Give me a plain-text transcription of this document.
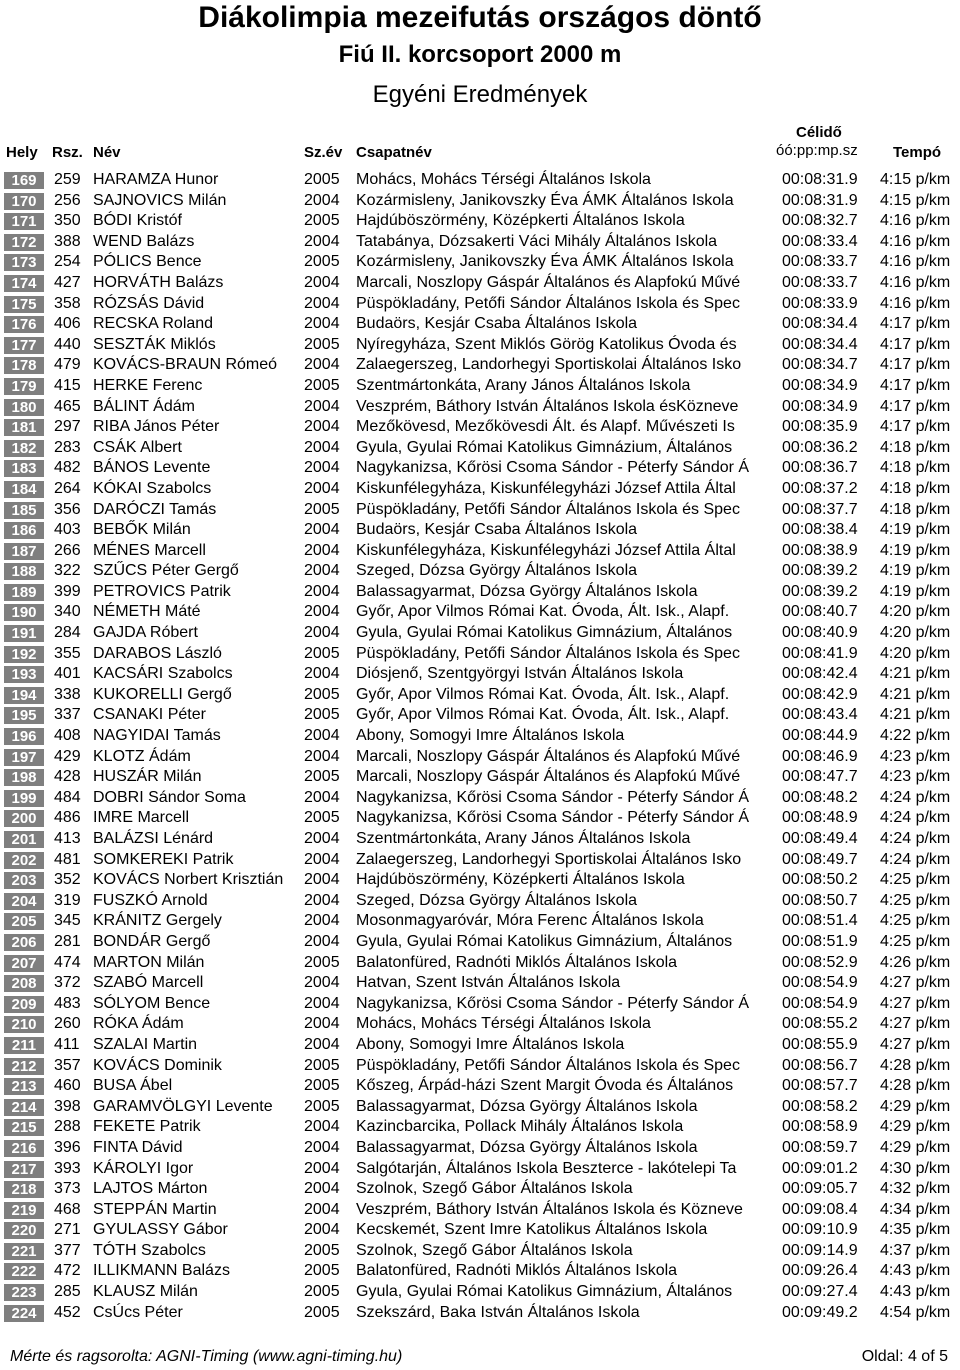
Diákolimpia mezeifutás országos döntő
Fiú II. korcsoport 2000 m
Egyéni Eredmények
Hely Rsz. Név	Sz.év Csapatnév
Célidő
óó:pp:mp.sz Tempó
169	259 HARAMZA Hunor	2005	Mohács, Mohács Térségi Általános Iskola	00:08:31.9	4:15 p/km
170	256 SAJNOVICS Milán	2004	Kozármisleny, Janikovszky Éva ÁMK Általános Iskola	00:08:31.9	4:15 p/km
171	350 BÓDI Kristóf	2005	Hajdúböszörmény, Középkerti Általános Iskola	00:08:32.7	4:16 p/km
172	388 WEND Balázs	2004	Tatabánya, Dózsakerti Váci Mihály Általános Iskola	00:08:33.4	4:16 p/km
173	254 PÓLICS Bence	2005	Kozármisleny, Janikovszky Éva ÁMK Általános Iskola	00:08:33.7	4:16 p/km
174	427 HORVÁTH Balázs	2004	Marcali, Noszlopy Gáspár Általános és Alapfokú Művé	00:08:33.7	4:16 p/km
175	358 RÓZSÁS Dávid	2004	Püspökladány, Petőfi Sándor Általános Iskola és Spec	00:08:33.9	4:16 p/km
176	406 RECSKA Roland	2004	Budaörs, Kesjár Csaba Általános Iskola	00:08:34.4	4:17 p/km
177	440 SESZTÁK Miklós	2005	Nyíregyháza, Szent Miklós Görög Katolikus Óvoda és	00:08:34.4	4:17 p/km
178	479 KOVÁCS-BRAUN Rómeó	2004	Zalaegerszeg, Landorhegyi Sportiskolai Általános Isko	00:08:34.7	4:17 p/km
179	415 HERKE Ferenc	2005	Szentmártonkáta, Arany János Általános Iskola	00:08:34.9	4:17 p/km
180	465 BÁLINT Ádám	2004	Veszprém, Báthory István Általános Iskola ésKözneve	00:08:34.9	4:17 p/km
181	297 RIBA János Péter	2004	Mezőkövesd, Mezőkövesdi Ált. és Alapf. Művészeti Is	00:08:35.9	4:17 p/km
182	283 CSÁK Albert	2004	Gyula, Gyulai Római Katolikus Gimnázium, Általános	00:08:36.2	4:18 p/km
183	482 BÁNOS Levente	2004	Nagykanizsa, Kőrösi Csoma Sándor - Péterfy Sándor Á	00:08:36.7	4:18 p/km
184	264 KÓKAI Szabolcs	2004	Kiskunfélegyháza, Kiskunfélegyházi József Attila Által	00:08:37.2	4:18 p/km
185	356 DARÓCZI Tamás	2005	Püspökladány, Petőfi Sándor Általános Iskola és Spec	00:08:37.7	4:18 p/km
186	403 BEBŐK Milán	2004	Budaörs, Kesjár Csaba Általános Iskola	00:08:38.4	4:19 p/km
187	266 MÉNES Marcell	2004	Kiskunfélegyháza, Kiskunfélegyházi József Attila Által	00:08:38.9	4:19 p/km
188	322 SZŰCS Péter Gergő	2004	Szeged, Dózsa György Általános Iskola	00:08:39.2	4:19 p/km
189	399 PETROVICS Patrik	2004	Balassagyarmat, Dózsa György Általános Iskola	00:08:39.2	4:19 p/km
190	340 NÉMETH Máté	2004	Győr, Apor Vilmos Római Kat. Óvoda, Ált. Isk., Alapf.	00:08:40.7	4:20 p/km
191	284 GAJDA Róbert	2004	Gyula, Gyulai Római Katolikus Gimnázium, Általános	00:08:40.9	4:20 p/km
192	355 DARABOS László	2005	Püspökladány, Petőfi Sándor Általános Iskola és Spec	00:08:41.9	4:20 p/km
193	401 KACSÁRI Szabolcs	2004	Diósjenő, Szentgyörgyi István Általános Iskola	00:08:42.4	4:21 p/km
194	338 KUKORELLI Gergő	2005	Győr, Apor Vilmos Római Kat. Óvoda, Ált. Isk., Alapf.	00:08:42.9	4:21 p/km
195	337 CSANAKI Péter	2005	Győr, Apor Vilmos Római Kat. Óvoda, Ált. Isk., Alapf.	00:08:43.4	4:21 p/km
196	408 NAGYIDAI Tamás	2004	Abony, Somogyi Imre Általános Iskola	00:08:44.9	4:22 p/km
197	429 KLOTZ Ádám	2004	Marcali, Noszlopy Gáspár Általános és Alapfokú Művé	00:08:46.9	4:23 p/km
198	428 HUSZÁR Milán	2005	Marcali, Noszlopy Gáspár Általános és Alapfokú Művé	00:08:47.7	4:23 p/km
199	484 DOBRI Sándor Soma	2004	Nagykanizsa, Kőrösi Csoma Sándor - Péterfy Sándor Á	00:08:48.2	4:24 p/km
200	486 IMRE Marcell	2005	Nagykanizsa, Kőrösi Csoma Sándor - Péterfy Sándor Á	00:08:48.9	4:24 p/km
201	413 BALÁZSI Lénárd	2004	Szentmártonkáta, Arany János Általános Iskola	00:08:49.4	4:24 p/km
202	481 SOMKEREKI Patrik	2004	Zalaegerszeg, Landorhegyi Sportiskolai Általános Isko	00:08:49.7	4:24 p/km
203	352 KOVÁCS Norbert Krisztián	2004	Hajdúböszörmény, Középkerti Általános Iskola	00:08:50.2	4:25 p/km
204	319 FUSZKÓ Arnold	2004	Szeged, Dózsa György Általános Iskola	00:08:50.7	4:25 p/km
205	345 KRÁNITZ Gergely	2004	Mosonmagyaróvár, Móra Ferenc Általános Iskola	00:08:51.4	4:25 p/km
206	281 BONDÁR Gergő	2004	Gyula, Gyulai Római Katolikus Gimnázium, Általános	00:08:51.9	4:25 p/km
207	474 MARTON Milán	2005	Balatonfüred, Radnóti Miklós Általános Iskola	00:08:52.9	4:26 p/km
208	372 SZABÓ Marcell	2004	Hatvan, Szent István Általános Iskola	00:08:54.9	4:27 p/km
209	483 SÓLYOM Bence	2004	Nagykanizsa, Kőrösi Csoma Sándor - Péterfy Sándor Á	00:08:54.9	4:27 p/km
210	260 RÓKA Ádám	2004	Mohács, Mohács Térségi Általános Iskola	00:08:55.2	4:27 p/km
211	411 SZALAI Martin	2004	Abony, Somogyi Imre Általános Iskola	00:08:55.9	4:27 p/km
212	357 KOVÁCS Dominik	2005	Püspökladány, Petőfi Sándor Általános Iskola és Spec	00:08:56.7	4:28 p/km
213	460 BUSA Ábel	2005	Kőszeg, Árpád-házi Szent Margit Óvoda és Általános	00:08:57.7	4:28 p/km
214	398 GARAMVÖLGYI Levente	2005	Balassagyarmat, Dózsa György Általános Iskola	00:08:58.2	4:29 p/km
215	288 FEKETE Patrik	2004	Kazincbarcika, Pollack Mihály Általános Iskola	00:08:58.9	4:29 p/km
216	396 FINTA Dávid	2004	Balassagyarmat, Dózsa György Általános Iskola	00:08:59.7	4:29 p/km
217	393 KÁROLYI Igor	2004	Salgótarján, Általános Iskola Beszterce - lakótelepi Ta	00:09:01.2	4:30 p/km
218	373 LAJTOS Márton	2004	Szolnok, Szegő Gábor Általános Iskola	00:09:05.7	4:32 p/km
219	468 STEPPÁN Martin	2004	Veszprém, Báthory István Általános Iskola és Közneve	00:09:08.4	4:34 p/km
220	271 GYULASSY Gábor	2004	Kecskemét, Szent Imre Katolikus Általános Iskola	00:09:10.9	4:35 p/km
221	377 TÓTH Szabolcs	2005	Szolnok, Szegő Gábor Általános Iskola	00:09:14.9	4:37 p/km
222	472 ILLIKMANN Balázs	2005	Balatonfüred, Radnóti Miklós Általános Iskola	00:09:26.4	4:43 p/km
223	285 KLAUSZ Milán	2005	Gyula, Gyulai Római Katolikus Gimnázium, Általános	00:09:27.4	4:43 p/km
224	452 CsÚcs Péter	2005	Szekszárd, Baka István Általános Iskola	00:09:49.2	4:54 p/km
Mérte és ragsorolta: AGNI-Timing (www.agni-timing.hu)	Oldal: 4 of 5
